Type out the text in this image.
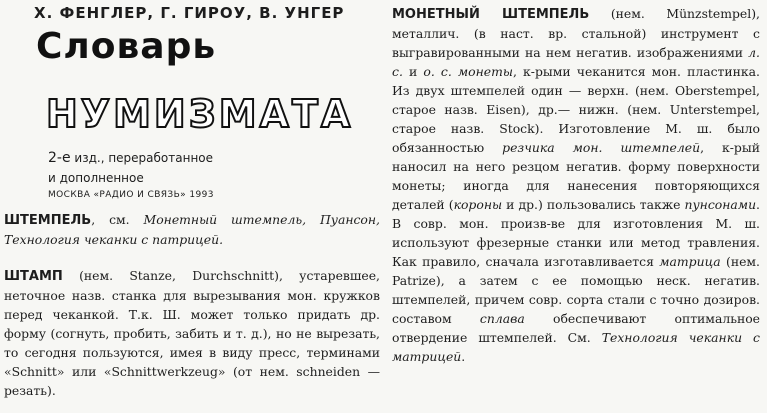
Х. ФЕНГЛЕР, Г. ГИРОУ, В. УНГЕР
Словарь
НУМИЗМАТА
2-е изд., переработанное
и дополненное
МОСКВА «РАДИО И СВЯЗЬ» 1993
ШТЕМПЕЛЬ, см. Монетный штемпель, Пуансон, Технология чеканки с патрицей.
ШТАМП (нем. Stanze, Durchschnitt), устаревшее, неточное назв. станка для вырезывания мон. кружков перед чеканкой. Т.к. Ш. может только придать др. форму (согнуть, пробить, забить и т. д.), но не вырезать, то сегодня пользуются, имея в виду пресс, терминами «Schnitt» или «Schnittwerkzeug» (от нем. schneiden — резать).
МОНЕТНЫЙ ШТЕМПЕЛЬ (нем. Münzstempel), металлич. (в наст. вр. стальной) инструмент с выгравированными на нем негатив. изображениями л. с. и о. с. монеты, к-рыми чеканится мон. пластинка. Из двух штемпелей один — верхн. (нем. Oberstempel, старое назв. Eisen), др.— нижн. (нем. Unterstempel, старое назв. Stock). Изготовление М. ш. было обязанностью резчика мон. штемпелей, к-рый наносил на него резцом негатив. форму поверхности монеты; иногда для нанесения повторяющихся деталей (короны и др.) пользовались также пунсонами. В совр. мон. произв-ве для изготовления М. ш. используют фрезерные станки или метод травления. Как правило, сначала изготавливается матрица (нем. Patrize), а затем с ее помощью неск. негатив. штемпелей, причем совр. сорта стали с точно дозиров. составом сплава обеспечивают оптимальное отвердение штемпелей. См. Технология чеканки с матрицей.
